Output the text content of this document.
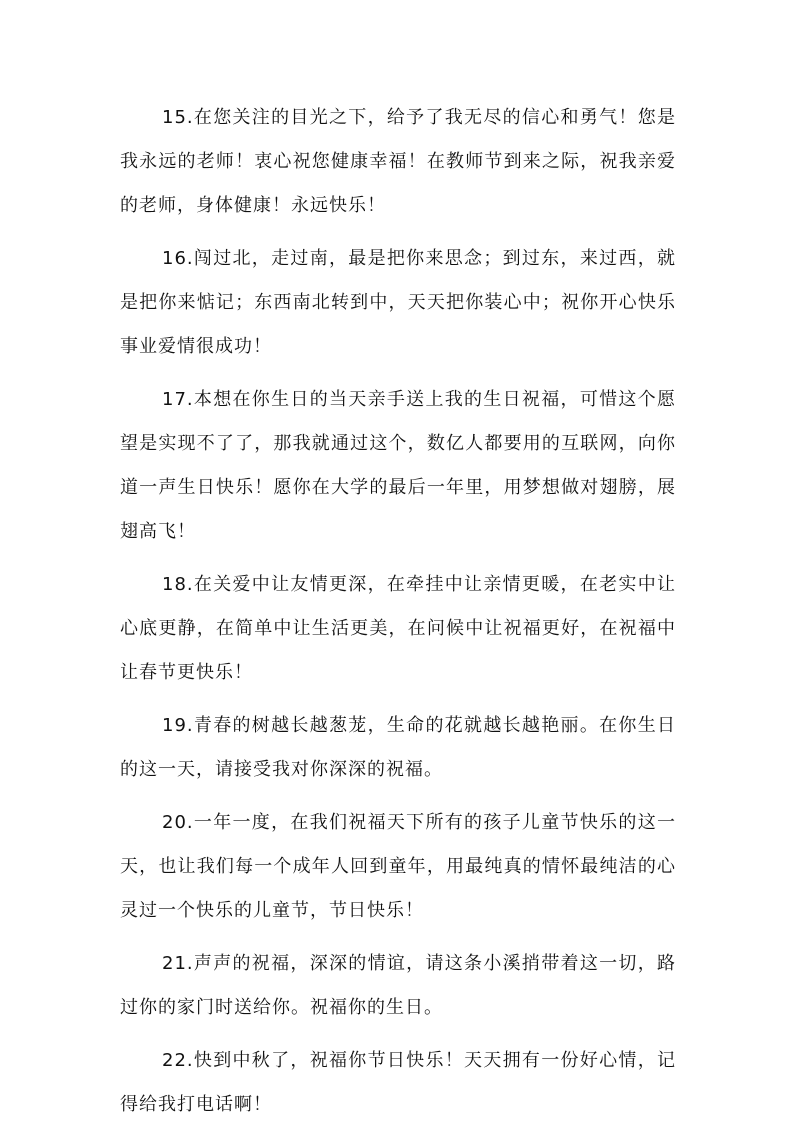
15.在您关注的目光之下，给予了我无尽的信心和勇气！您是我永远的老师！衷心祝您健康幸福！在教师节到来之际，祝我亲爱的老师，身体健康！永远快乐！

16.闯过北，走过南，最是把你来思念；到过东，来过西，就是把你来惦记；东西南北转到中，天天把你装心中；祝你开心快乐事业爱情很成功！

17.本想在你生日的当天亲手送上我的生日祝福，可惜这个愿望是实现不了了，那我就通过这个，数亿人都要用的互联网，向你道一声生日快乐！愿你在大学的最后一年里，用梦想做对翅膀，展翅高飞！

18.在关爱中让友情更深，在牵挂中让亲情更暖，在老实中让心底更静，在简单中让生活更美，在问候中让祝福更好，在祝福中让春节更快乐！

19.青春的树越长越葱茏，生命的花就越长越艳丽。在你生日的这一天，请接受我对你深深的祝福。

20.一年一度，在我们祝福天下所有的孩子儿童节快乐的这一天，也让我们每一个成年人回到童年，用最纯真的情怀最纯洁的心灵过一个快乐的儿童节，节日快乐！

21.声声的祝福，深深的情谊，请这条小溪捎带着这一切，路过你的家门时送给你。祝福你的生日。

22.快到中秋了，祝福你节日快乐！天天拥有一份好心情，记得给我打电话啊！
